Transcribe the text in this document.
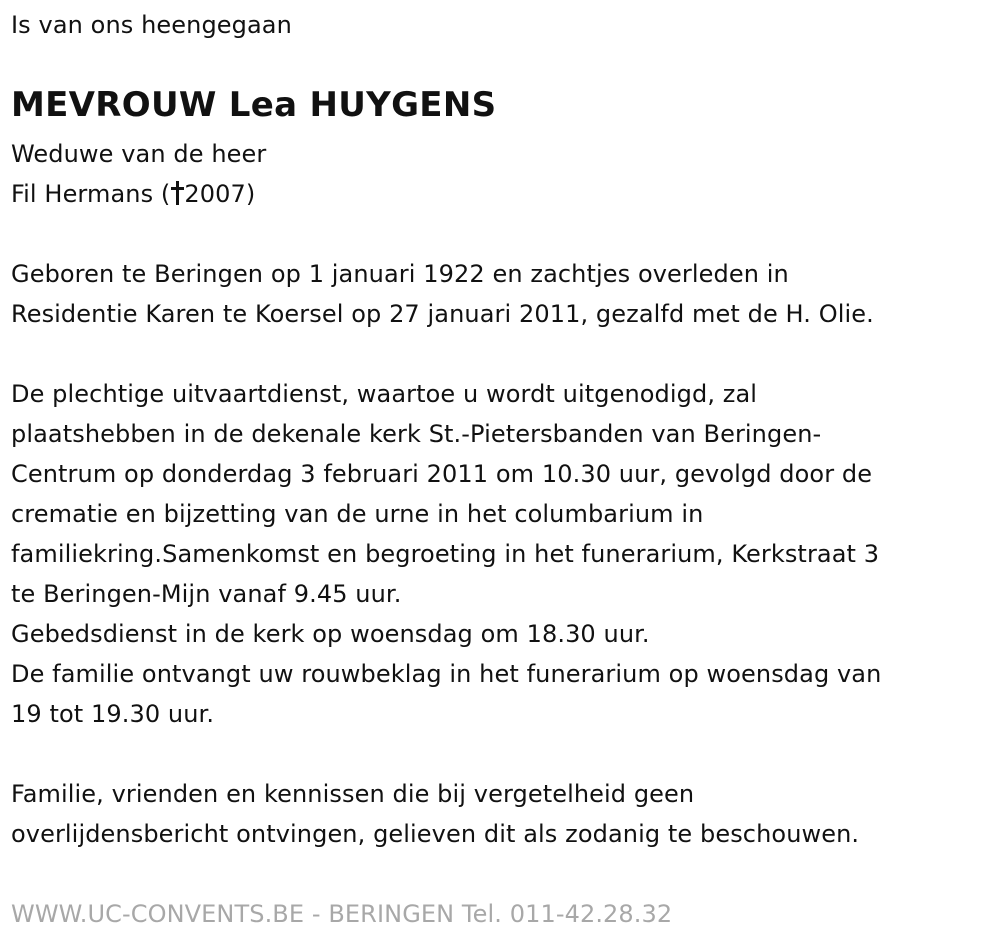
Is van ons heengegaan
MEVROUW Lea HUYGENS
Weduwe van de heer
Fil Hermans ( 2007)
Geboren te Beringen op 1 januari 1922 en zachtjes overleden in
Residentie Karen te Koersel op 27 januari 2011, gezalfd met de H. Olie.
De plechtige uitvaartdienst, waartoe u wordt uitgenodigd, zal
plaatshebben in de dekenale kerk St.-Pietersbanden van Beringen-
Centrum op donderdag 3 februari 2011 om 10.30 uur, gevolgd door de
crematie en bijzetting van de urne in het columbarium in
familiekring.Samenkomst en begroeting in het funerarium, Kerkstraat 3
te Beringen-Mijn vanaf 9.45 uur.
Gebedsdienst in de kerk op woensdag om 18.30 uur.
De familie ontvangt uw rouwbeklag in het funerarium op woensdag van
19 tot 19.30 uur.
Familie, vrienden en kennissen die bij vergetelheid geen
overlijdensbericht ontvingen, gelieven dit als zodanig te beschouwen.
WWW.UC-CONVENTS.BE - BERINGEN Tel. 011-42.28.32
